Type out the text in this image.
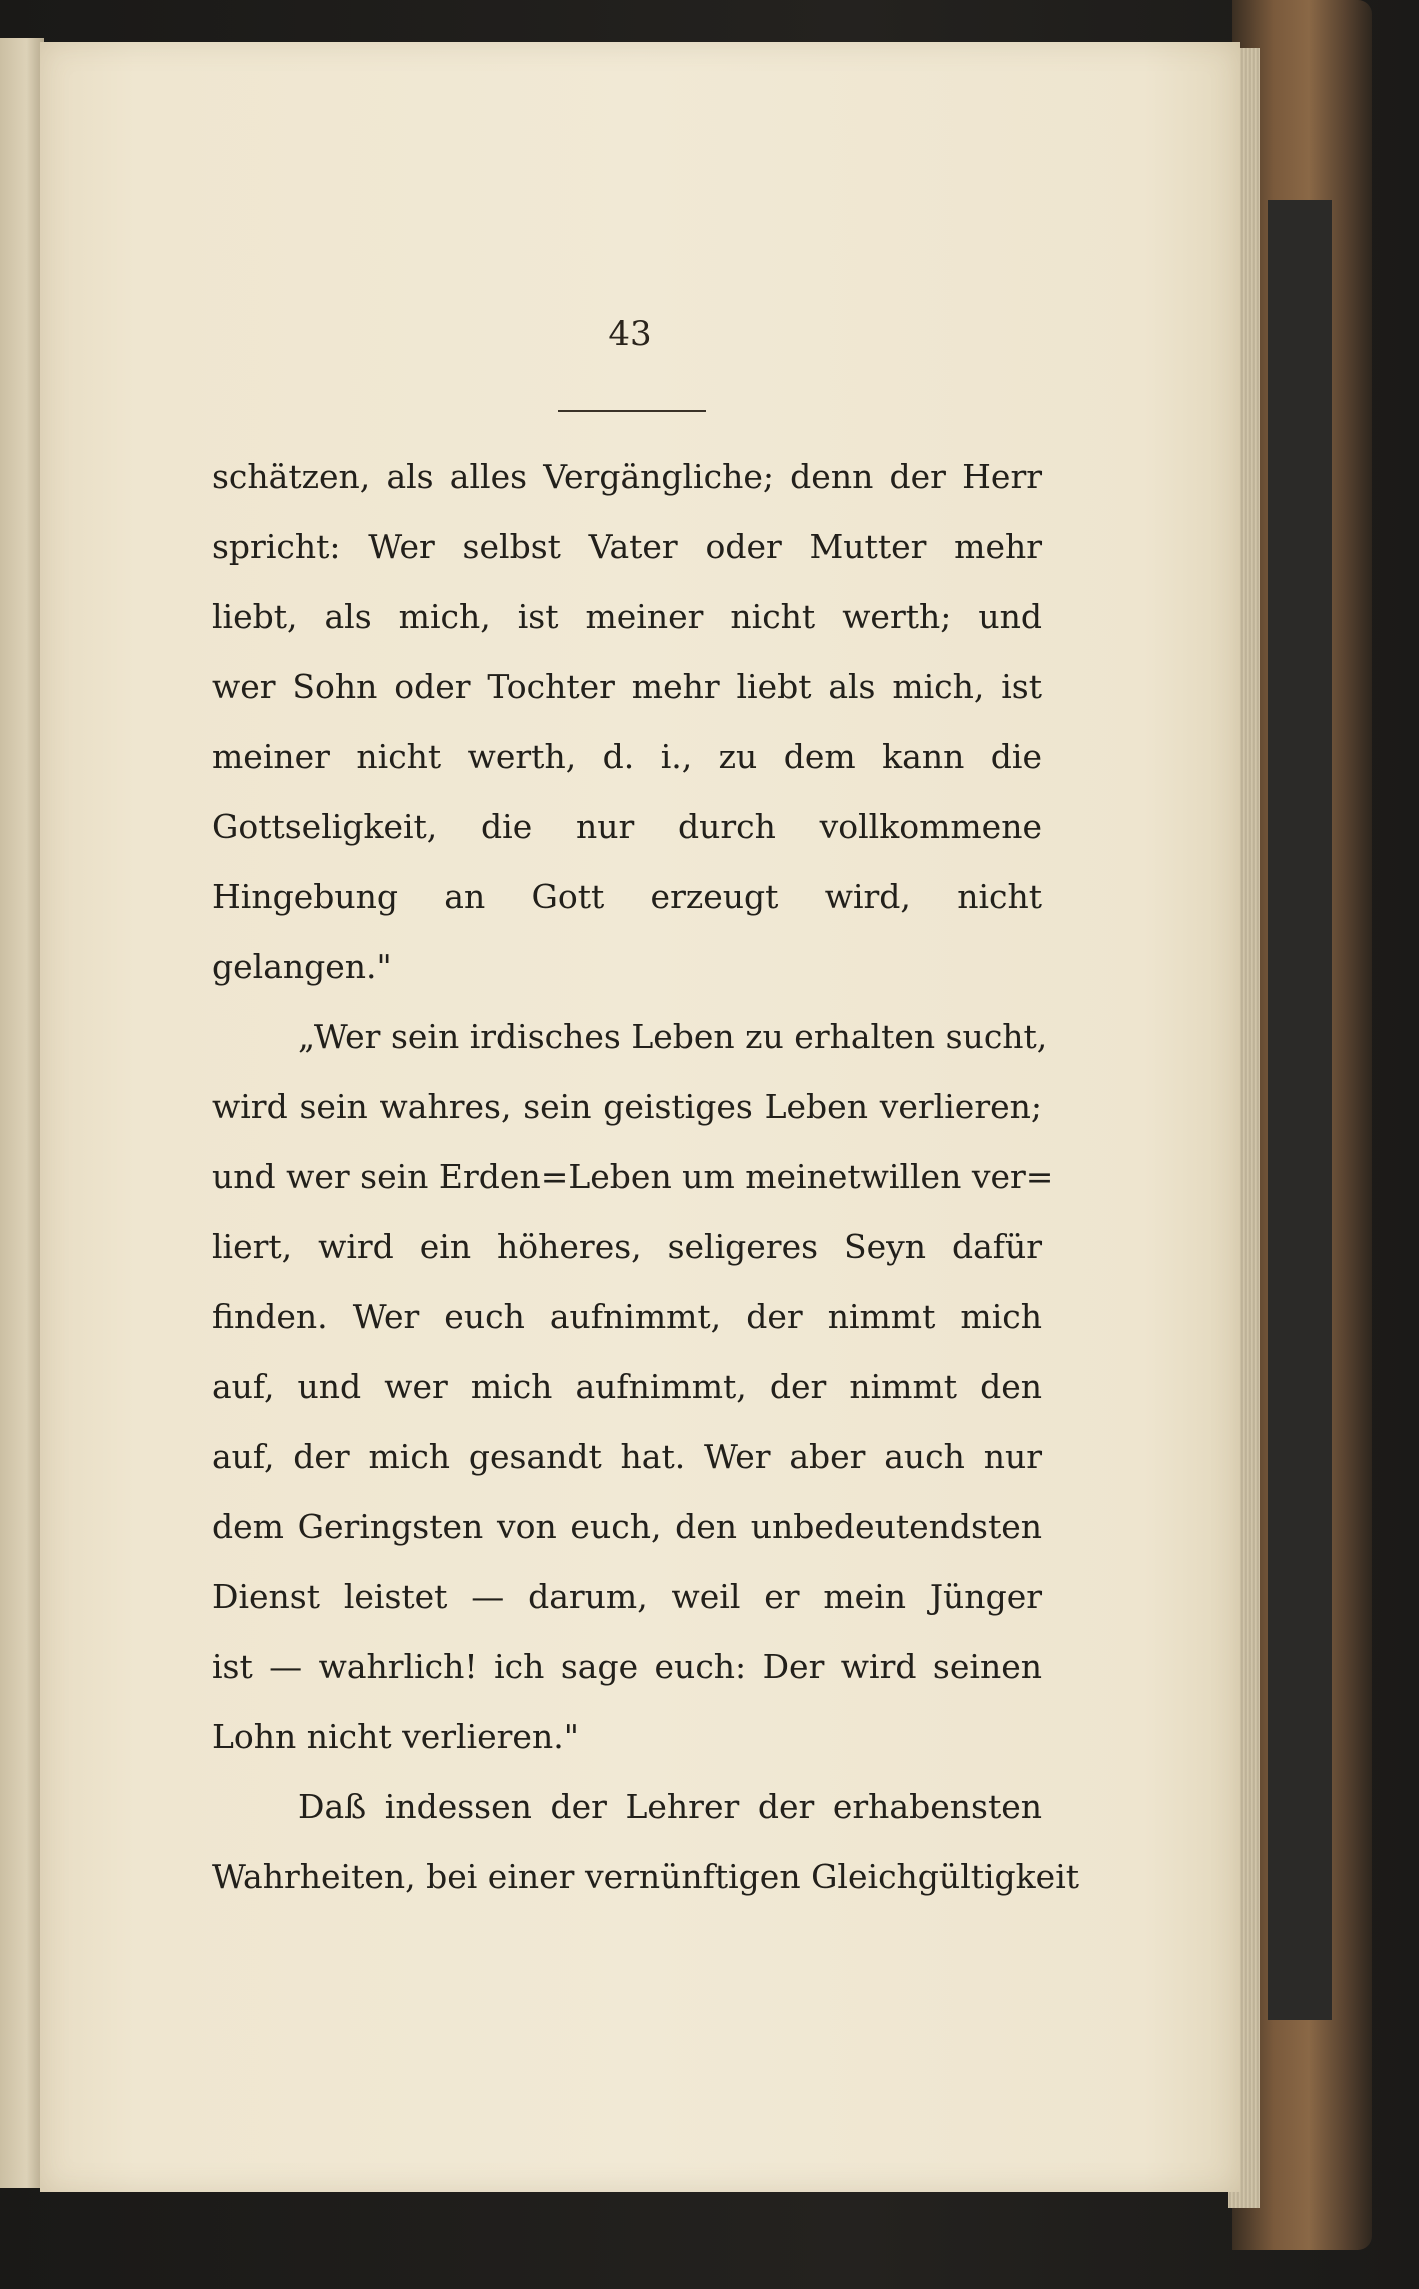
43
schätzen, als alles Vergängliche; denn der Herr
spricht: Wer selbst Vater oder Mutter mehr
liebt, als mich, ist meiner nicht werth; und
wer Sohn oder Tochter mehr liebt als mich, ist
meiner nicht werth, d. i., zu dem kann die
Gottseligkeit, die nur durch vollkommene
Hingebung an Gott erzeugt wird, nicht
gelangen."
„Wer sein irdisches Leben zu erhalten sucht,
wird sein wahres, sein geistiges Leben verlieren;
und wer sein Erden=Leben um meinetwillen ver=
liert, wird ein höheres, seligeres Seyn dafür
finden. Wer euch aufnimmt, der nimmt mich
auf, und wer mich aufnimmt, der nimmt den
auf, der mich gesandt hat. Wer aber auch nur
dem Geringsten von euch, den unbedeutendsten
Dienst leistet — darum, weil er mein Jünger
ist — wahrlich! ich sage euch: Der wird seinen
Lohn nicht verlieren."
Daß indessen der Lehrer der erhabensten
Wahrheiten, bei einer vernünftigen Gleichgültigkeit
